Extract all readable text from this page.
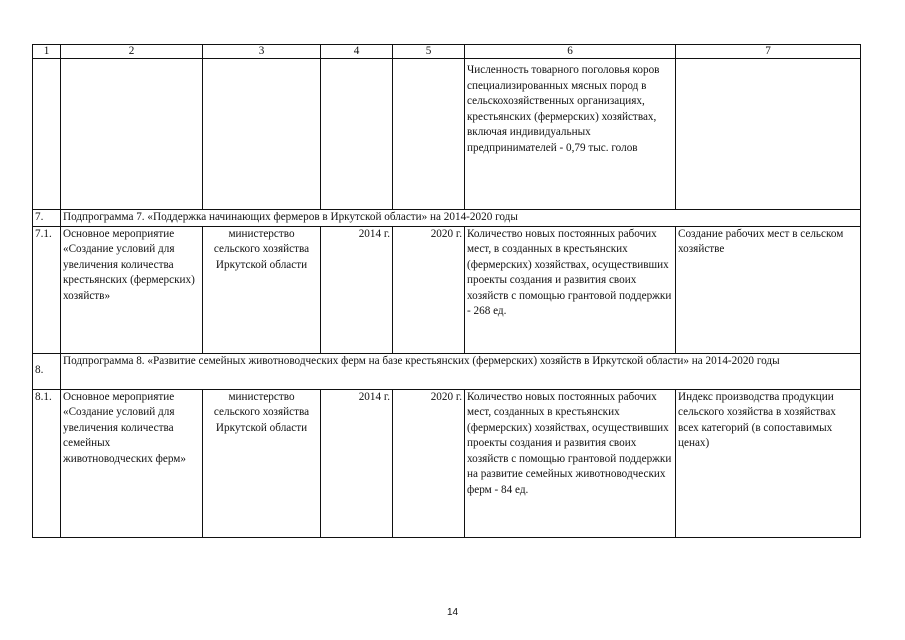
1	2	3	4	5	6	7
					Численность товарного поголовья коров специализированных мясных пород в сельскохозяйственных организациях, крестьянских (фермерских) хозяйствах, включая индивидуальных предпринимателей - 0,79 тыс. голов	
7.	Подпрограмма 7. «Поддержка начинающих фермеров в Иркутской области» на 2014-2020 годы					
7.1.	Основное мероприятие «Создание условий для увеличения количества крестьянских (фермерских) хозяйств»	министерство сельского хозяйства Иркутской области	2014 г.	2020 г.	Количество новых постоянных рабочих мест, в созданных в крестьянских (фермерских) хозяйствах, осуществивших проекты создания и развития своих хозяйств с помощью грантовой поддержки - 268 ед.	Создание рабочих мест в сельском хозяйстве
8.	Подпрограмма 8. «Развитие семейных животноводческих ферм на базе крестьянских (фермерских) хозяйств в Иркутской области» на 2014-2020 годы					
8.1.	Основное мероприятие «Создание условий для увеличения количества семейных животноводческих ферм»	министерство сельского хозяйства Иркутской области	2014 г.	2020 г.	Количество новых постоянных рабочих мест, созданных в крестьянских (фермерских) хозяйствах, осуществивших проекты создания и развития своих хозяйств с помощью грантовой поддержки на развитие семейных животноводческих ферм - 84 ед.	Индекс производства продукции сельского хозяйства в хозяйствах всех категорий (в сопоставимых ценах)
14
